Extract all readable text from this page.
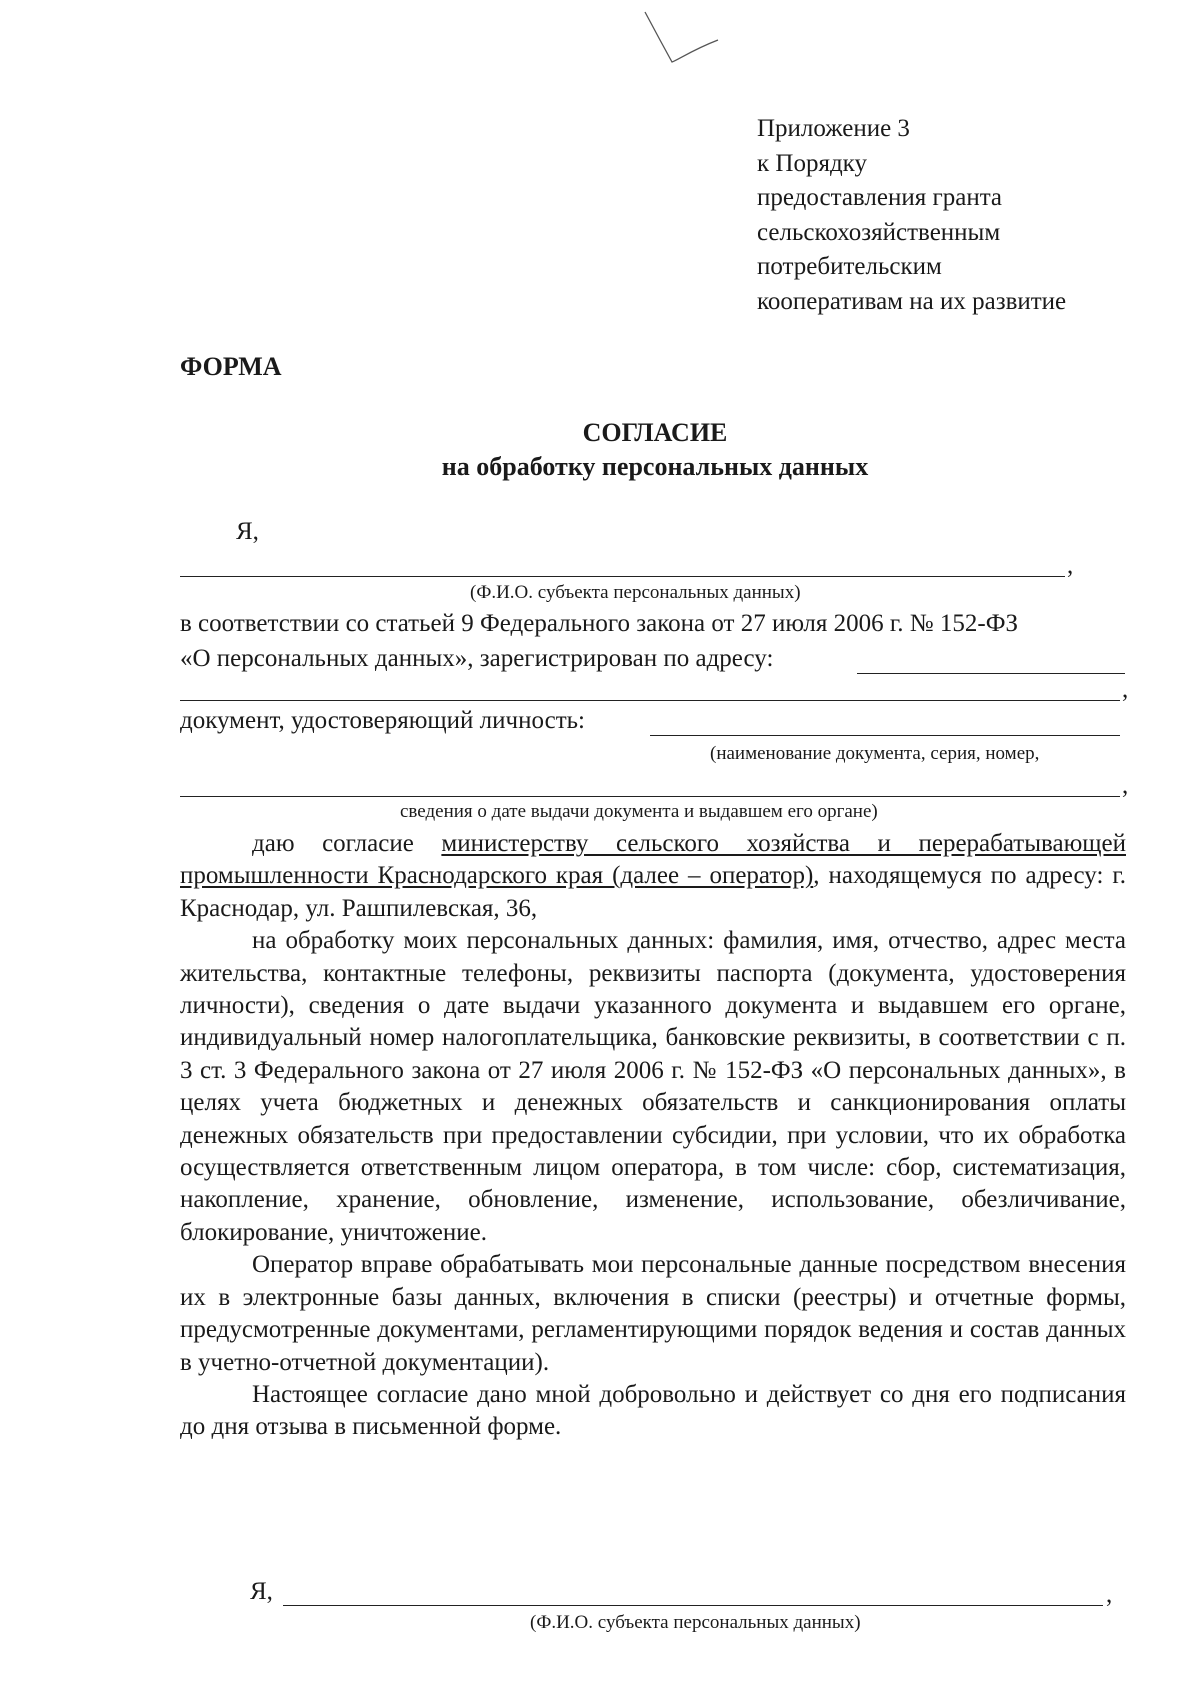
Приложение 3
к Порядку
предоставления гранта
сельскохозяйственным
потребительским
кооперативам на их развитие
ФОРМА
СОГЛАСИЕ
на обработку персональных данных
Я,
,
(Ф.И.О. субъекта персональных данных)
в соответствии со статьей 9 Федерального закона от 27 июля 2006 г. № 152-ФЗ
«О персональных данных», зарегистрирован по адресу:
,
документ, удостоверяющий личность:
(наименование документа, серия, номер,
,
сведения о дате выдачи документа и выдавшем его органе)

даю согласие министерству сельского хозяйства и перерабатывающей промышленности Краснодарского края (далее – оператор), находящемуся по адресу: г. Краснодар, ул. Рашпилевская, 36,

на обработку моих персональных данных: фамилия, имя, отчество, адрес места жительства, контактные телефоны, реквизиты паспорта (документа, удостоверения личности), сведения о дате выдачи указанного документа и выдавшем его органе, индивидуальный номер налогоплательщика, банковские реквизиты, в соответствии с п. 3 ст. 3 Федерального закона от 27 июля 2006 г. № 152-ФЗ «О персональных данных», в целях учета бюджетных и денежных обязательств и санкционирования оплаты денежных обязательств при предоставлении субсидии, при условии, что их обработка осуществляется ответственным лицом оператора, в том числе: сбор, систематизация, накопление, хранение, обновление, изменение, использование, обезличивание, блокирование, уничтожение.

Оператор вправе обрабатывать мои персональные данные посредством внесения их в электронные базы данных, включения в списки (реестры) и отчетные формы, предусмотренные документами, регламентирующими порядок ведения и состав данных в учетно-отчетной документации).

Настоящее согласие дано мной добровольно и действует со дня его подписания до дня отзыва в письменной форме.

Я,	,
(Ф.И.О. субъекта персональных данных)
